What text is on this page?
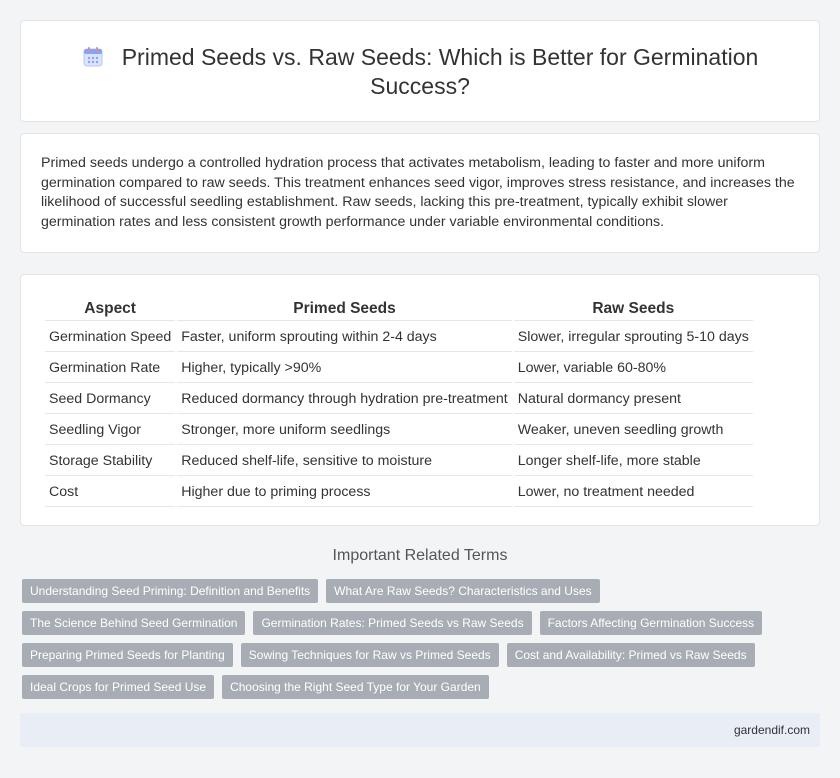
Primed Seeds vs. Raw Seeds: Which is Better for Germination Success?

Primed seeds undergo a controlled hydration process that activates metabolism, leading to faster and more uniform germination compared to raw seeds. This treatment enhances seed vigor, improves stress resistance, and increases the likelihood of successful seedling establishment. Raw seeds, lacking this pre-treatment, typically exhibit slower germination rates and less consistent growth performance under variable environmental conditions.

Aspect	Primed Seeds	Raw Seeds
Germination Speed	Faster, uniform sprouting within 2-4 days	Slower, irregular sprouting 5-10 days
Germination Rate	Higher, typically >90%	Lower, variable 60-80%
Seed Dormancy	Reduced dormancy through hydration pre-treatment	Natural dormancy present
Seedling Vigor	Stronger, more uniform seedlings	Weaker, uneven seedling growth
Storage Stability	Reduced shelf-life, sensitive to moisture	Longer shelf-life, more stable
Cost	Higher due to priming process	Lower, no treatment needed
Important Related Terms
Understanding Seed Priming: Definition and Benefits	What Are Raw Seeds? Characteristics and Uses
The Science Behind Seed Germination	Germination Rates: Primed Seeds vs Raw Seeds	Factors Affecting Germination Success
Preparing Primed Seeds for Planting	Sowing Techniques for Raw vs Primed Seeds	Cost and Availability: Primed vs Raw Seeds
Ideal Crops for Primed Seed Use	Choosing the Right Seed Type for Your Garden
gardendif.com
